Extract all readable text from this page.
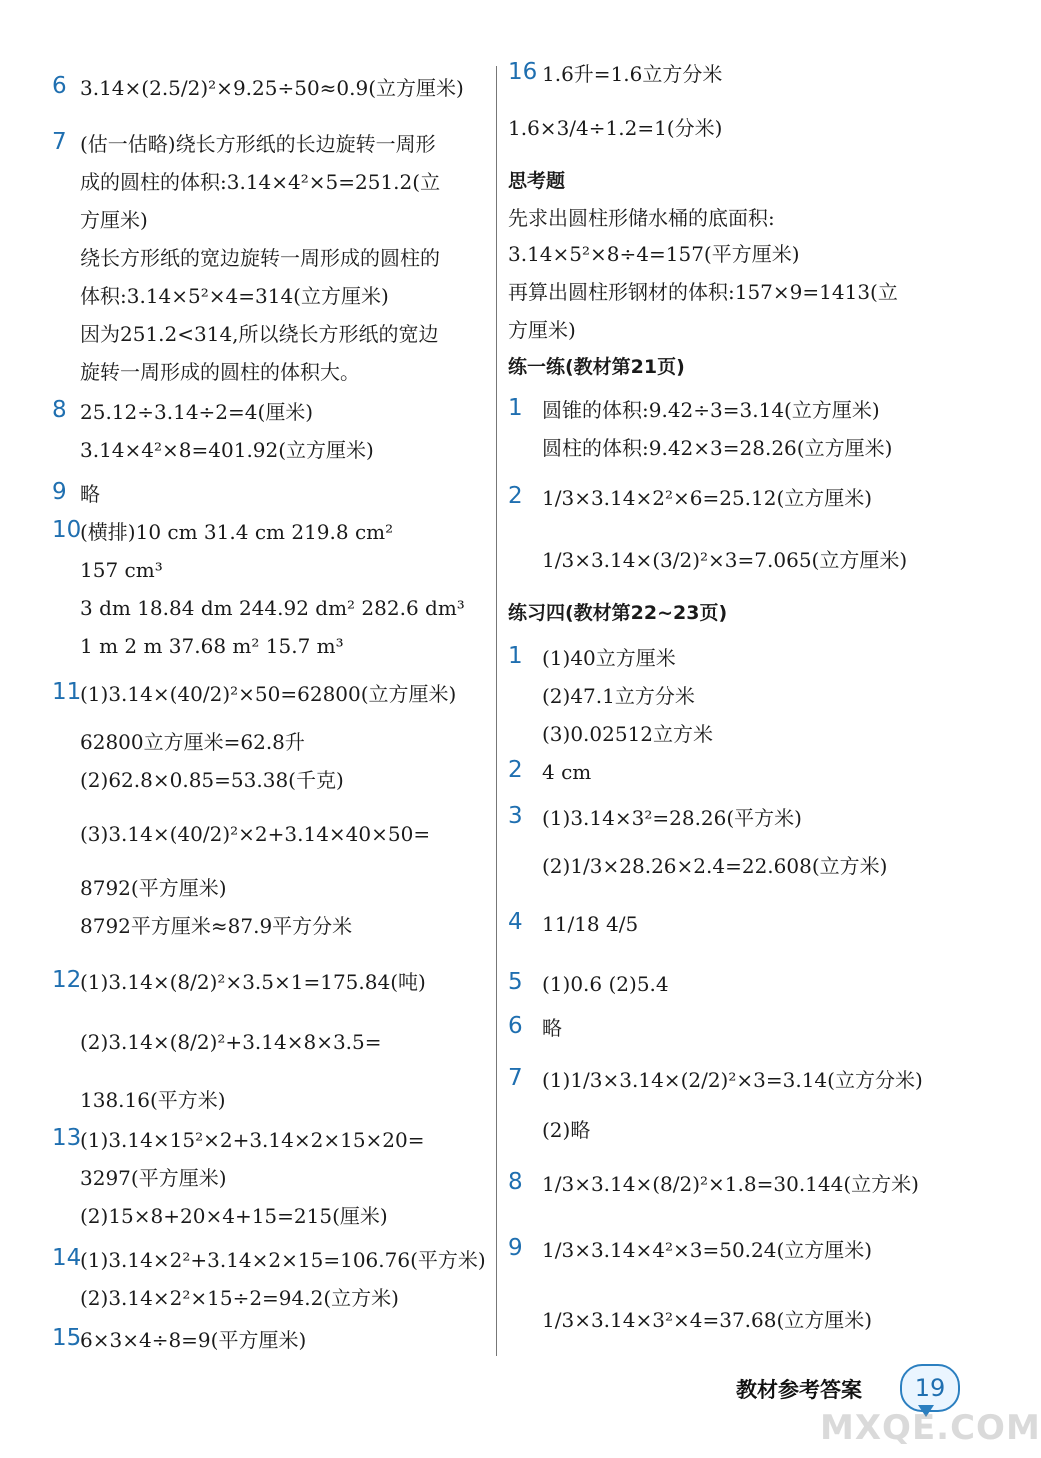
6 3.14×(2.5/2)²×9.25÷50≈0.9(立方厘米)
7 (估一估略)绕长方形纸的长边旋转一周形
成的圆柱的体积:3.14×4²×5=251.2(立
方厘米)
绕长方形纸的宽边旋转一周形成的圆柱的
体积:3.14×5²×4=314(立方厘米)
因为251.2<314,所以绕长方形纸的宽边
旋转一周形成的圆柱的体积大。
8 25.12÷3.14÷2=4(厘米)
3.14×4²×8=401.92(立方厘米)
9 略
10
(横排)10 cm 31.4 cm 219.8 cm²
157 cm³
3 dm 18.84 dm 244.92 dm² 282.6 dm³
1 m 2 m 37.68 m² 15.7 m³
11
(1)3.14×(40/2)²×50=62800(立方厘米)
62800立方厘米=62.8升
(2)62.8×0.85=53.38(千克)
(3)3.14×(40/2)²×2+3.14×40×50=
8792(平方厘米)
8792平方厘米≈87.9平方分米
12
(1)3.14×(8/2)²×3.5×1=175.84(吨)
(2)3.14×(8/2)²+3.14×8×3.5=
138.16(平方米)
13
(1)3.14×15²×2+3.14×2×15×20=
3297(平方厘米)
(2)15×8+20×4+15=215(厘米)
14
(1)3.14×2²+3.14×2×15=106.76(平方米)
(2)3.14×2²×15÷2=94.2(立方米)
15
6×3×4÷8=9(平方厘米)
16 1.6升=1.6立方分米
1.6×3/4÷1.2=1(分米)
思考题
先求出圆柱形储水桶的底面积:
3.14×5²×8÷4=157(平方厘米)
再算出圆柱形钢材的体积:157×9=1413(立
方厘米)
练一练(教材第21页)
1 圆锥的体积:9.42÷3=3.14(立方厘米)
圆柱的体积:9.42×3=28.26(立方厘米)
2 1/3×3.14×2²×6=25.12(立方厘米)
1/3×3.14×(3/2)²×3=7.065(立方厘米)
练习四(教材第22~23页)
1 (1)40立方厘米
(2)47.1立方分米
(3)0.02512立方米
2 4 cm
3 (1)3.14×3²=28.26(平方米)
(2)1/3×28.26×2.4=22.608(立方米)
4 11/18 4/5
5 (1)0.6 (2)5.4
6 略
7 (1)1/3×3.14×(2/2)²×3=3.14(立方分米)
(2)略
8 1/3×3.14×(8/2)²×1.8=30.144(立方米)
9 1/3×3.14×4²×3=50.24(立方厘米)
1/3×3.14×3²×4=37.68(立方厘米)
教材参考答案	19
MXQE.COM
